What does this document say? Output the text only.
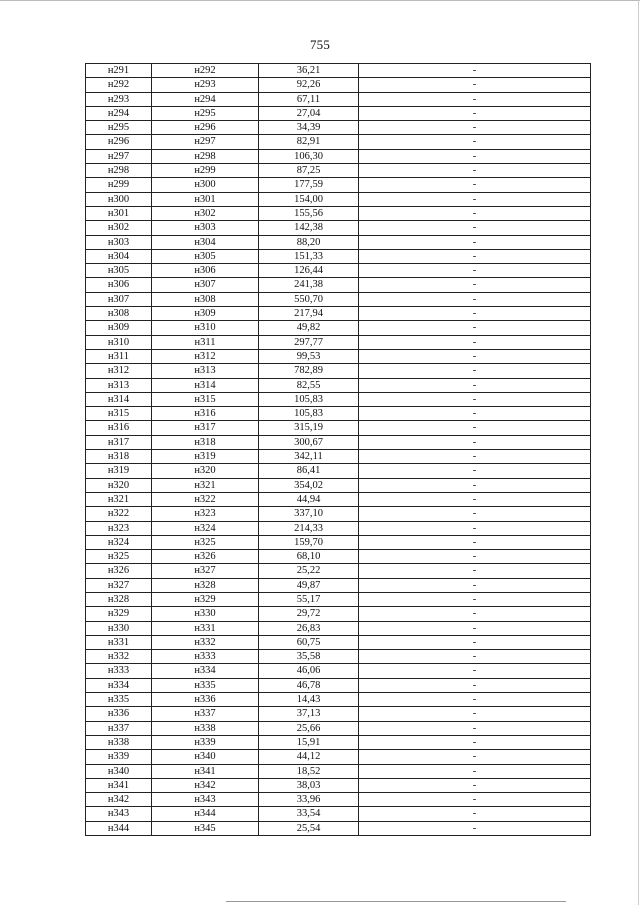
755
н291	н292	36,21	-
н292	н293	92,26	-
н293	н294	67,11	-
н294	н295	27,04	-
н295	н296	34,39	-
н296	н297	82,91	-
н297	н298	106,30	-
н298	н299	87,25	-
н299	н300	177,59	-
н300	н301	154,00	-
н301	н302	155,56	-
н302	н303	142,38	-
н303	н304	88,20	-
н304	н305	151,33	-
н305	н306	126,44	-
н306	н307	241,38	-
н307	н308	550,70	-
н308	н309	217,94	-
н309	н310	49,82	-
н310	н311	297,77	-
н311	н312	99,53	-
н312	н313	782,89	-
н313	н314	82,55	-
н314	н315	105,83	-
н315	н316	105,83	-
н316	н317	315,19	-
н317	н318	300,67	-
н318	н319	342,11	-
н319	н320	86,41	-
н320	н321	354,02	-
н321	н322	44,94	-
н322	н323	337,10	-
н323	н324	214,33	-
н324	н325	159,70	-
н325	н326	68,10	-
н326	н327	25,22	-
н327	н328	49,87	-
н328	н329	55,17	-
н329	н330	29,72	-
н330	н331	26,83	-
н331	н332	60,75	-
н332	н333	35,58	-
н333	н334	46,06	-
н334	н335	46,78	-
н335	н336	14,43	-
н336	н337	37,13	-
н337	н338	25,66	-
н338	н339	15,91	-
н339	н340	44,12	-
н340	н341	18,52	-
н341	н342	38,03	-
н342	н343	33,96	-
н343	н344	33,54	-
н344	н345	25,54	-
